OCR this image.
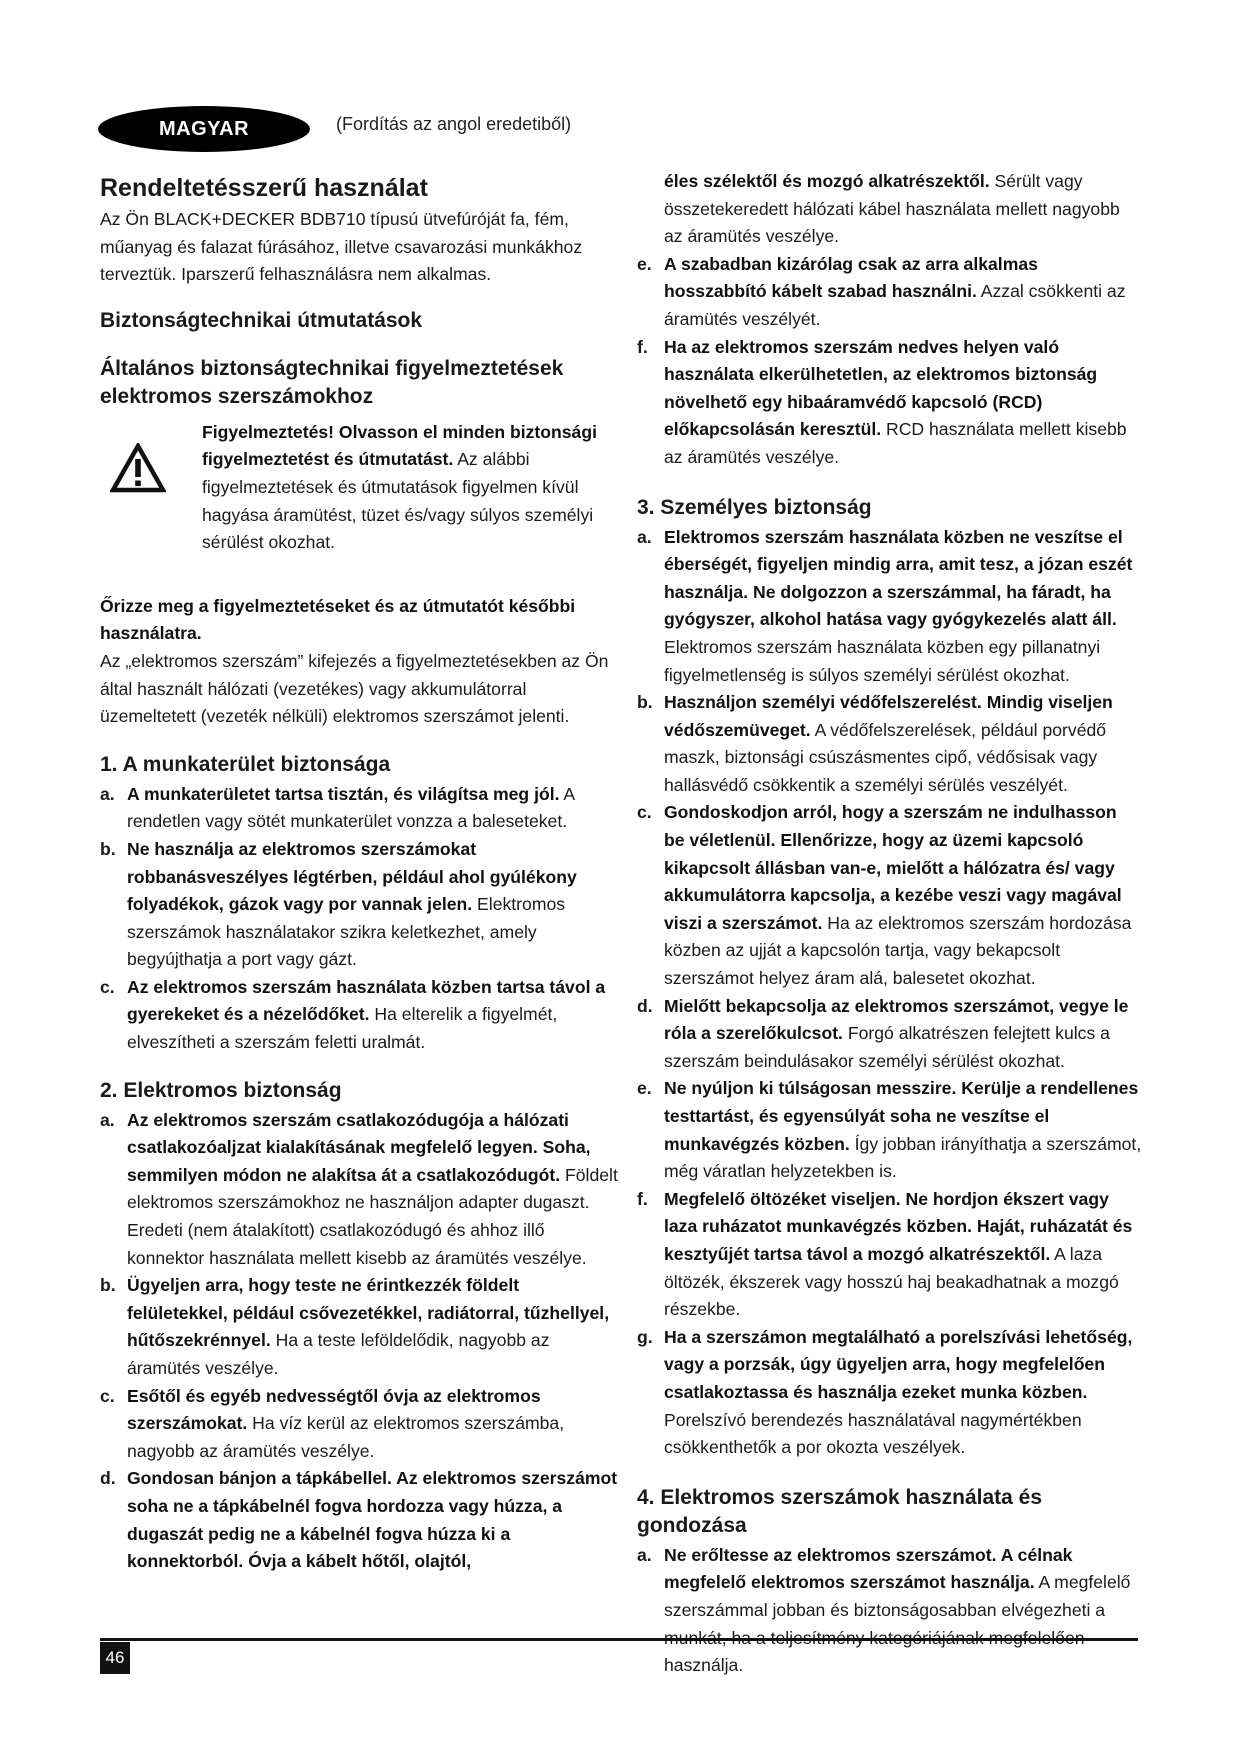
MAGYAR	(Fordítás az angol eredetiből)
Rendeltetésszerű használat

Az Ön BLACK+DECKER BDB710 típusú ütvefúróját fa, fém, műanyag és falazat fúrásához, illetve csavarozási munkákhoz terveztük. Iparszerű felhasználásra nem alkalmas.

Biztonságtechnikai útmutatások
Általános biztonságtechnikai figyelmeztetések elektromos szerszámokhoz

Figyelmeztetés! Olvasson el minden biztonsági figyelmeztetést és útmutatást. Az alábbi figyelmeztetések és útmutatások figyelmen kívül hagyása áramütést, tüzet és/vagy súlyos személyi sérülést okozhat.

Őrizze meg a figyelmeztetéseket és az útmutatót későbbi használatra.
Az „elektromos szerszám” kifejezés a figyelmeztetésekben az Ön által használt hálózati (vezetékes) vagy akkumulátorral üzemeltetett (vezeték nélküli) elektromos szerszámot jelenti.

1. A munkaterület biztonsága
a. A munkaterületet tartsa tisztán, és világítsa meg jól. A rendetlen vagy sötét munkaterület vonzza a baleseteket.

b. Ne használja az elektromos szerszámokat robbanásveszélyes légtérben, például ahol gyúlékony folyadékok, gázok vagy por vannak jelen. Elektromos szerszámok használatakor szikra keletkezhet, amely begyújthatja a port vagy gázt.

c. Az elektromos szerszám használata közben tartsa távol a gyerekeket és a nézelődőket. Ha elterelik a figyelmét, elveszítheti a szerszám feletti uralmát.

2. Elektromos biztonság
a. Az elektromos szerszám csatlakozódugója a hálózati csatlakozóaljzat kialakításának megfelelő legyen. Soha, semmilyen módon ne alakítsa át a csatlakozódugót. Földelt elektromos szerszámokhoz ne használjon adapter dugaszt. Eredeti (nem átalakított) csatlakozódugó és ahhoz illő konnektor használata mellett kisebb az áramütés veszélye.

b. Ügyeljen arra, hogy teste ne érintkezzék földelt felületekkel, például csővezetékkel, radiátorral, tűzhellyel, hűtőszekrénnyel. Ha a teste leföldelődik, nagyobb az áramütés veszélye.

c. Esőtől és egyéb nedvességtől óvja az elektromos szerszámokat. Ha víz kerül az elektromos szerszámba, nagyobb az áramütés veszélye.

d. Gondosan bánjon a tápkábellel. Az elektromos szerszámot soha ne a tápkábelnél fogva hordozza vagy húzza, a dugaszát pedig ne a kábelnél fogva húzza ki a konnektorból. Óvja a kábelt hőtől, olajtól,

éles szélektől és mozgó alkatrészektől. Sérült vagy összetekeredett hálózati kábel használata mellett nagyobb az áramütés veszélye.

e. A szabadban kizárólag csak az arra alkalmas hosszabbító kábelt szabad használni. Azzal csökkenti az áramütés veszélyét.

f. Ha az elektromos szerszám nedves helyen való használata elkerülhetetlen, az elektromos biztonság növelhető egy hibaáramvédő kapcsoló (RCD) előkapcsolásán keresztül. RCD használata mellett kisebb az áramütés veszélye.

3. Személyes biztonság
a. Elektromos szerszám használata közben ne veszítse el éberségét, figyeljen mindig arra, amit tesz, a józan eszét használja. Ne dolgozzon a szerszámmal, ha fáradt, ha gyógyszer, alkohol hatása vagy gyógykezelés alatt áll. Elektromos szerszám használata közben egy pillanatnyi figyelmetlenség is súlyos személyi sérülést okozhat.

b. Használjon személyi védőfelszerelést. Mindig viseljen védőszemüveget. A védőfelszerelések, például porvédő maszk, biztonsági csúszásmentes cipő, védősisak vagy hallásvédő csökkentik a személyi sérülés veszélyét.

c. Gondoskodjon arról, hogy a szerszám ne indulhasson be véletlenül. Ellenőrizze, hogy az üzemi kapcsoló kikapcsolt állásban van-e, mielőtt a hálózatra és/ vagy akkumulátorra kapcsolja, a kezébe veszi vagy magával viszi a szerszámot. Ha az elektromos szerszám hordozása közben az ujját a kapcsolón tartja, vagy bekapcsolt szerszámot helyez áram alá, balesetet okozhat.

d. Mielőtt bekapcsolja az elektromos szerszámot, vegye le róla a szerelőkulcsot. Forgó alkatrészen felejtett kulcs a szerszám beindulásakor személyi sérülést okozhat.

e. Ne nyúljon ki túlságosan messzire. Kerülje a rendellenes testtartást, és egyensúlyát soha ne veszítse el munkavégzés közben. Így jobban irányíthatja a szerszámot, még váratlan helyzetekben is.

f. Megfelelő öltözéket viseljen. Ne hordjon ékszert vagy laza ruházatot munkavégzés közben. Haját, ruházatát és kesztyűjét tartsa távol a mozgó alkatrészektől. A laza öltözék, ékszerek vagy hosszú haj beakadhatnak a mozgó részekbe.

g. Ha a szerszámon megtalálható a porelszívási lehetőség, vagy a porzsák, úgy ügyeljen arra, hogy megfelelően csatlakoztassa és használja ezeket munka közben. Porelszívó berendezés használatával nagymértékben csökkenthetők a por okozta veszélyek.

4. Elektromos szerszámok használata és gondozása
a. Ne erőltesse az elektromos szerszámot. A célnak megfelelő elektromos szerszámot használja. A megfelelő szerszámmal jobban és biztonságosabban elvégezheti a használja.

46
